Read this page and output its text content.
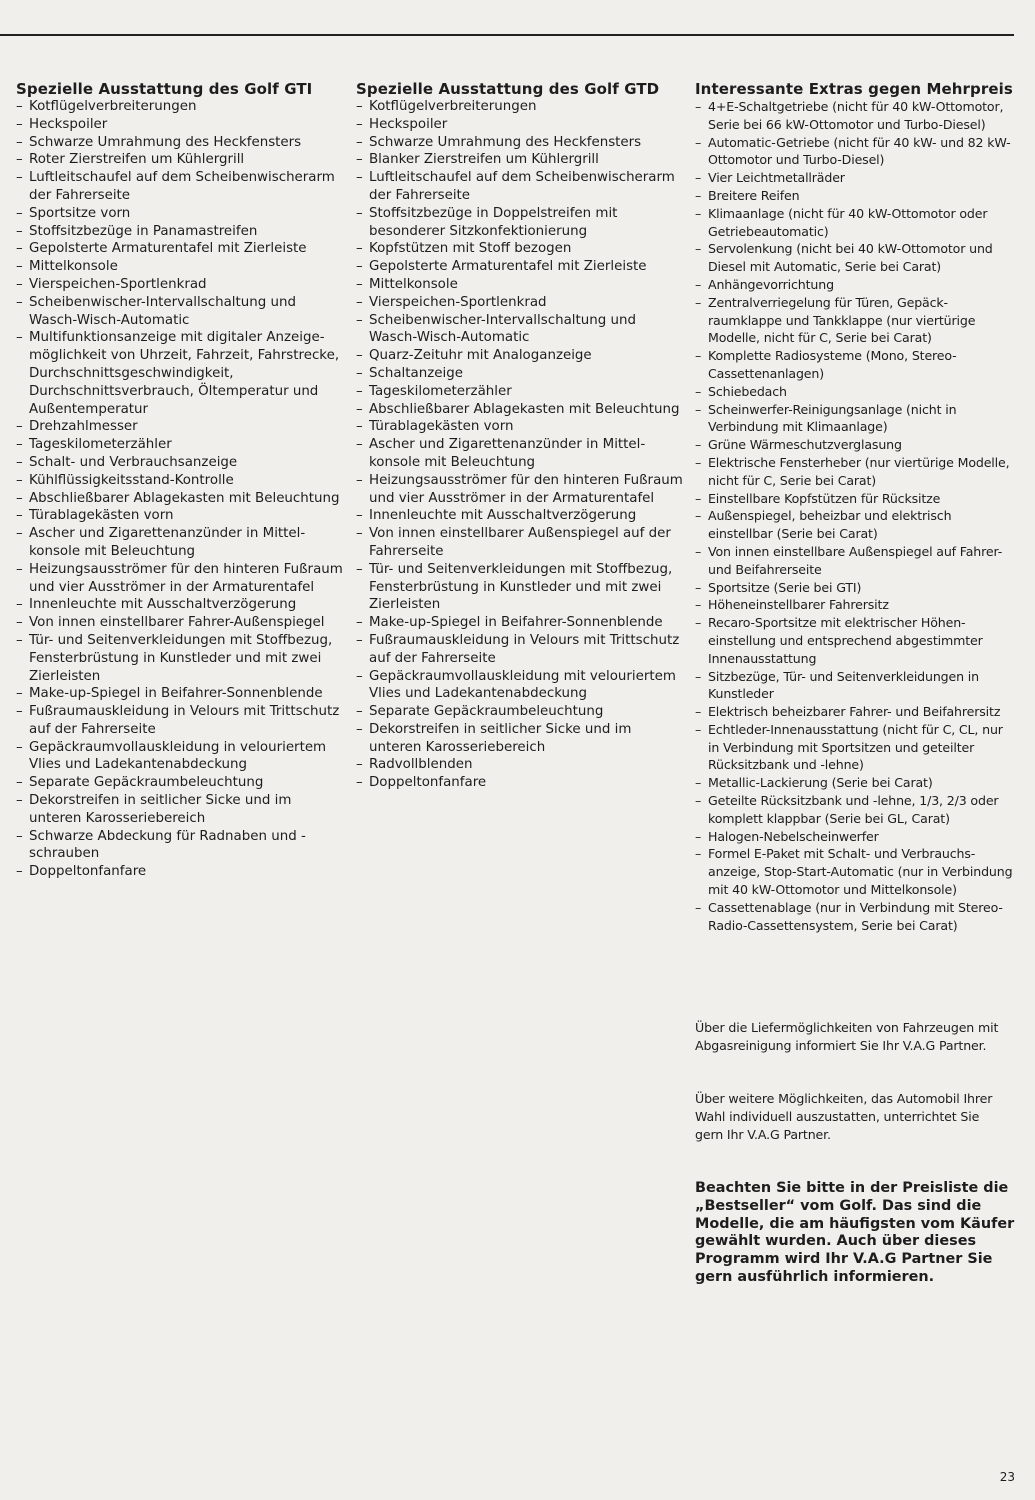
Spezielle Ausstattung des Golf GTI
– Kotflügelverbreiterungen
– Heckspoiler
– Schwarze Umrahmung des Heckfensters
– Roter Zierstreifen um Kühlergrill
– Luftleitschaufel auf dem Scheibenwischerarm der Fahrerseite
– Sportsitze vorn
– Stoffsitzbezüge in Panamastreifen
– Gepolsterte Armaturentafel mit Zierleiste
– Mittelkonsole
– Vierspeichen-Sportlenkrad
– Scheibenwischer-Intervallschaltung und Wasch-Wisch-Automatic
– Multifunktionsanzeige mit digitaler Anzeigemöglichkeit von Uhrzeit, Fahrzeit, Fahrstrecke, Durchschnittsgeschwindigkeit, Durchschnittsverbrauch, Öltemperatur und Außentemperatur
– Drehzahlmesser
– Tageskilometerzähler
– Schalt- und Verbrauchsanzeige
– Kühlflüssigkeitsstand-Kontrolle
– Abschließbarer Ablagekasten mit Beleuchtung
– Türablagekästen vorn
– Ascher und Zigarettenanzünder in Mittelkonsole mit Beleuchtung
– Heizungsausströmer für den hinteren Fußraum und vier Ausströmer in der Armaturentafel
– Innenleuchte mit Ausschaltverzögerung
– Von innen einstellbarer Fahrer-Außenspiegel
– Tür- und Seitenverkleidungen mit Stoffbezug, Fensterbrüstung in Kunstleder und mit zwei Zierleisten
– Make-up-Spiegel in Beifahrer-Sonnenblende
– Fußraumauskleidung in Velours mit Trittschutz auf der Fahrerseite
– Gepäckraumvollauskleidung in velouriertem Vlies und Ladekantenabdeckung
– Separate Gepäckraumbeleuchtung
– Dekorstreifen in seitlicher Sicke und im unteren Karosseriebereich
– Schwarze Abdeckung für Radnaben und -schrauben
– Doppeltonfanfare
Spezielle Ausstattung des Golf GTD
– Kotflügelverbreiterungen
– Heckspoiler
– Schwarze Umrahmung des Heckfensters
– Blanker Zierstreifen um Kühlergrill
– Luftleitschaufel auf dem Scheibenwischerarm der Fahrerseite
– Stoffsitzbezüge in Doppelstreifen mit besonderer Sitzkonfektionierung
– Kopfstützen mit Stoff bezogen
– Gepolsterte Armaturentafel mit Zierleiste
– Mittelkonsole
– Vierspeichen-Sportlenkrad
– Scheibenwischer-Intervallschaltung und Wasch-Wisch-Automatic
– Quarz-Zeituhr mit Analoganzeige
– Schaltanzeige
– Tageskilometerzähler
– Abschließbarer Ablagekasten mit Beleuchtung
– Türablagekästen vorn
– Ascher und Zigarettenanzünder in Mittelkonsole mit Beleuchtung
– Heizungsausströmer für den hinteren Fußraum und vier Ausströmer in der Armaturentafel
– Innenleuchte mit Ausschaltverzögerung
– Von innen einstellbarer Außenspiegel auf der Fahrerseite
– Tür- und Seitenverkleidungen mit Stoffbezug, Fensterbrüstung in Kunstleder und mit zwei Zierleisten
– Make-up-Spiegel in Beifahrer-Sonnenblende
– Fußraumauskleidung in Velours mit Trittschutz auf der Fahrerseite
– Gepäckraumvollauskleidung mit velouriertem Vlies und Ladekantenabdeckung
– Separate Gepäckraumbeleuchtung
– Dekorstreifen in seitlicher Sicke und im unteren Karosseriebereich
– Radvollblenden
– Doppeltonfanfare
Interessante Extras gegen Mehrpreis
– 4+E-Schaltgetriebe (nicht für 40 kW-Ottomotor, Serie bei 66 kW-Ottomotor und Turbo-Diesel)
– Automatic-Getriebe (nicht für 40 kW- und 82 kW-Ottomotor und Turbo-Diesel)
– Vier Leichtmetallräder
– Breitere Reifen
– Klimaanlage (nicht für 40 kW-Ottomotor oder Getriebeautomatic)
– Servolenkung (nicht bei 40 kW-Ottomotor und Diesel mit Automatic, Serie bei Carat)
– Anhängevorrichtung
– Zentralverriegelung für Türen, Gepäckraumklappe und Tankklappe (nur viertürige Modelle, nicht für C, Serie bei Carat)
– Komplette Radiosysteme (Mono, Stereo-Cassettenanlagen)
– Schiebedach
– Scheinwerfer-Reinigungsanlage (nicht in Verbindung mit Klimaanlage)
– Grüne Wärmeschutzverglasung
– Elektrische Fensterheber (nur viertürige Modelle, nicht für C, Serie bei Carat)
– Einstellbare Kopfstützen für Rücksitze
– Außenspiegel, beheizbar und elektrisch einstellbar (Serie bei Carat)
– Von innen einstellbare Außenspiegel auf Fahrer- und Beifahrerseite
– Sportsitze (Serie bei GTI)
– Höheneinstellbarer Fahrersitz
– Recaro-Sportsitze mit elektrischer Höheneinstellung und entsprechend abgestimmter Innenausstattung
– Sitzbezüge, Tür- und Seitenverkleidungen in Kunstleder
– Elektrisch beheizbarer Fahrer- und Beifahrersitz
– Echtleder-Innenausstattung (nicht für C, CL, nur in Verbindung mit Sportsitzen und geteilter Rücksitzbank und -lehne)
– Metallic-Lackierung (Serie bei Carat)
– Geteilte Rücksitzbank und -lehne, 1/3, 2/3 oder komplett klappbar (Serie bei GL, Carat)
– Halogen-Nebelscheinwerfer
– Formel E-Paket mit Schalt- und Verbrauchsanzeige, Stop-Start-Automatic (nur in Verbindung mit 40 kW-Ottomotor und Mittelkonsole)
– Cassettenablage (nur in Verbindung mit Stereo-Radio-Cassettensystem, Serie bei Carat)

Über die Liefermöglichkeiten von Fahrzeugen mit Abgasreinigung informiert Sie Ihr V.A.G Partner.

Über weitere Möglichkeiten, das Automobil Ihrer Wahl individuell auszustatten, unterrichtet Sie gern Ihr V.A.G Partner.

Beachten Sie bitte in der Preisliste die „Bestseller“ vom Golf. Das sind die Modelle, die am häufigsten vom Käufer gewählt wurden. Auch über dieses Programm wird Ihr V.A.G Partner Sie gern ausführlich informieren.

23
